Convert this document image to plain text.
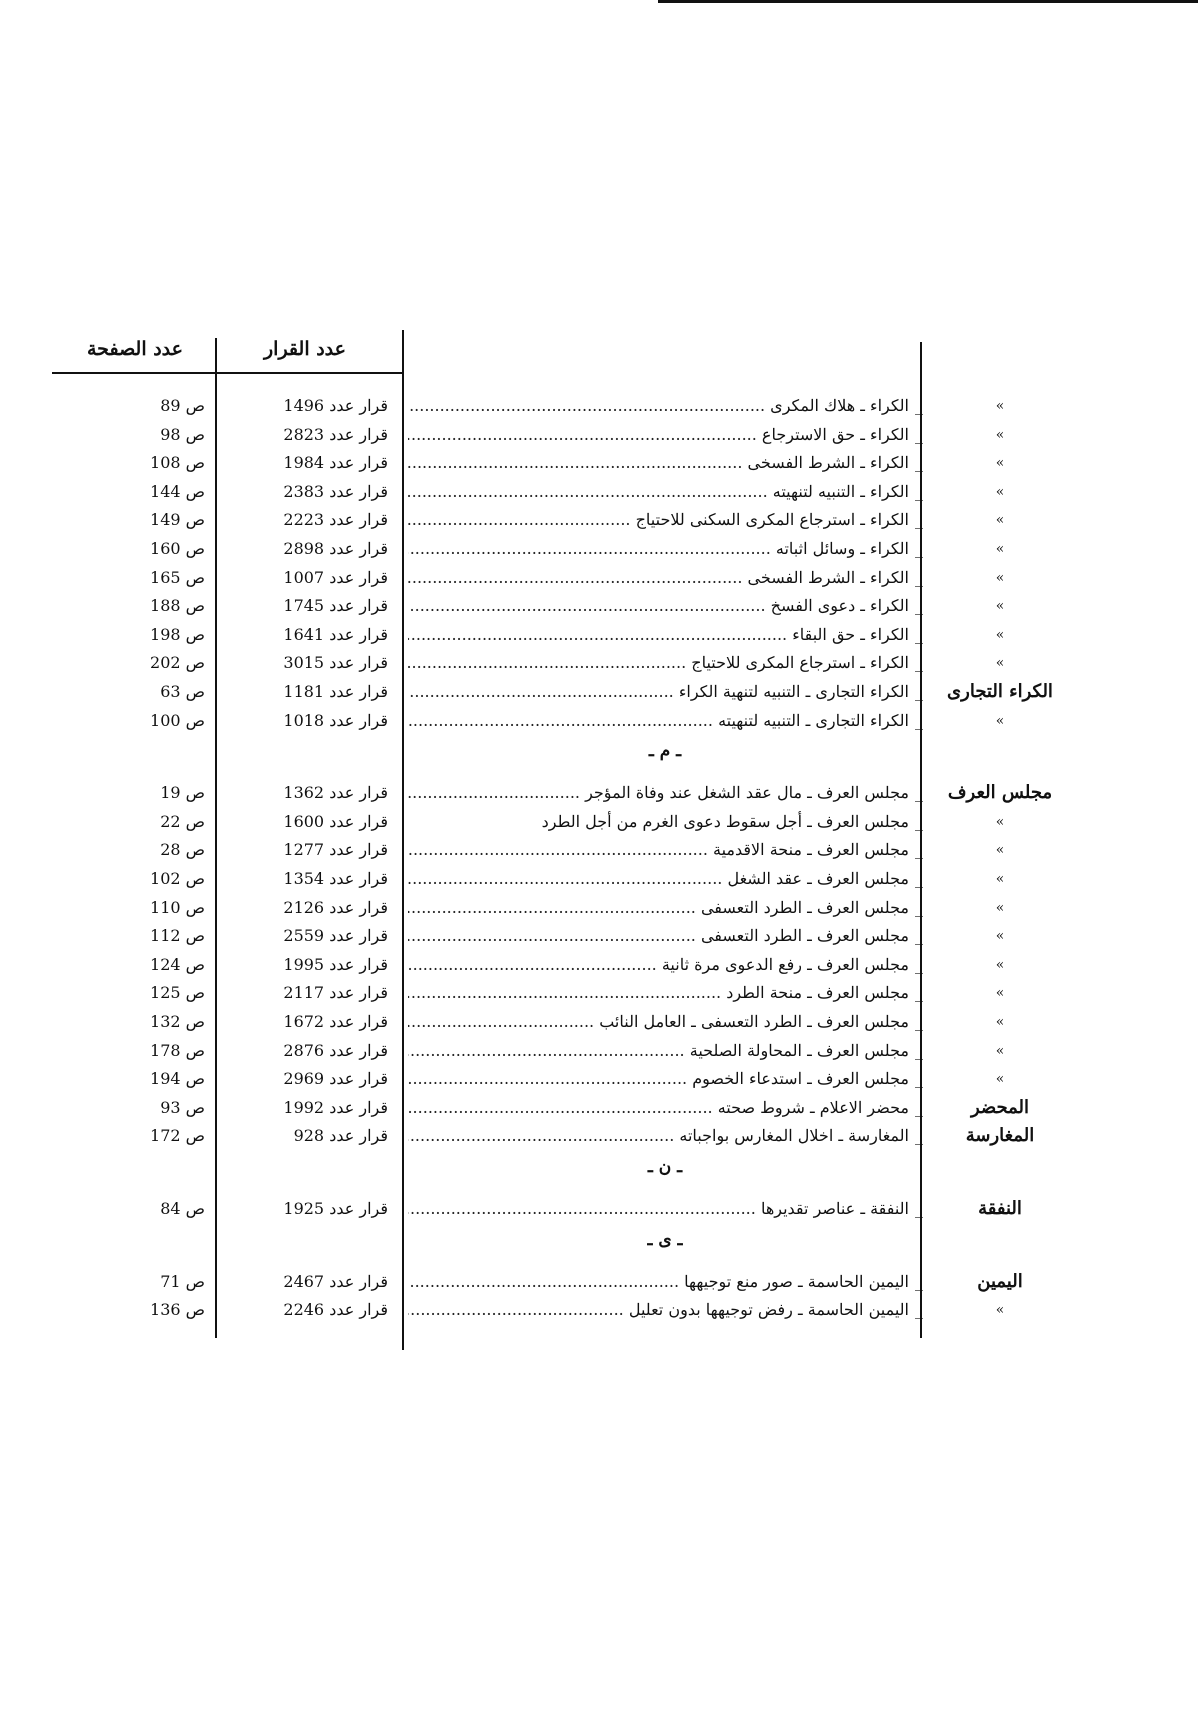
عدد الصفحة	عدد القرار
»
_الكراء ـ هلاك المكرى .....
قرار عدد 1496
ص 89
»
_الكراء ـ حق الاسترجاع .....
قرار عدد 2823
ص 98
»
_الكراء ـ الشرط الفسخى .....
قرار عدد 1984
ص 108
»
_الكراء ـ التنبيه لتنهيته .....
قرار عدد 2383
ص 144
»
_الكراء ـ استرجاع المكرى السكنى للاحتياج .....
قرار عدد 2223
ص 149
»
_الكراء ـ وسائل اثباته .....
قرار عدد 2898
ص 160
»
_الكراء ـ الشرط الفسخى .....
قرار عدد 1007
ص 165
»
_الكراء ـ دعوى الفسخ .....
قرار عدد 1745
ص 188
»
_الكراء ـ حق البقاء .....
قرار عدد 1641
ص 198
»
_الكراء ـ استرجاع المكرى للاحتياج .....
قرار عدد 3015
ص 202
الكراء التجارى
_الكراء التجارى ـ التنبيه لتنهية الكراء .....
قرار عدد 1181
ص 63
»
_الكراء التجارى ـ التنبيه لتنهيته .....
قرار عدد 1018
ص 100
ـ م ـ
مجلس العرف
_مجلس العرف ـ مال عقد الشغل عند وفاة المؤجر .....
قرار عدد 1362
ص 19
»
_مجلس العرف ـ أجل سقوط دعوى الغرم من أجل الطرد
قرار عدد 1600
ص 22
»
_مجلس العرف ـ منحة الاقدمية .....
قرار عدد 1277
ص 28
»
_مجلس العرف ـ عقد الشغل .....
قرار عدد 1354
ص 102
»
_مجلس العرف ـ الطرد التعسفى .....
قرار عدد 2126
ص 110
»
_مجلس العرف ـ الطرد التعسفى .....
قرار عدد 2559
ص 112
»
_مجلس العرف ـ رفع الدعوى مرة ثانية .....
قرار عدد 1995
ص 124
»
_مجلس العرف ـ منحة الطرد .....
قرار عدد 2117
ص 125
»
_مجلس العرف ـ الطرد التعسفى ـ العامل النائب .....
قرار عدد 1672
ص 132
»
_مجلس العرف ـ المحاولة الصلحية .....
قرار عدد 2876
ص 178
»
_مجلس العرف ـ استدعاء الخصوم .....
قرار عدد 2969
ص 194
المحضر
_محضر الاعلام ـ شروط صحته .....
قرار عدد 1992
ص 93
المغارسة
_المغارسة ـ اخلال المغارس بواجباته .....
قرار عدد 928
ص 172
ـ ن ـ
النفقة
_النفقة ـ عناصر تقديرها .....
قرار عدد 1925
ص 84
ـ ى ـ
اليمين
_اليمين الحاسمة ـ صور منع توجيهها .....
قرار عدد 2467
ص 71
»
_اليمين الحاسمة ـ رفض توجيهها بدون تعليل .....
قرار عدد 2246
ص 136
